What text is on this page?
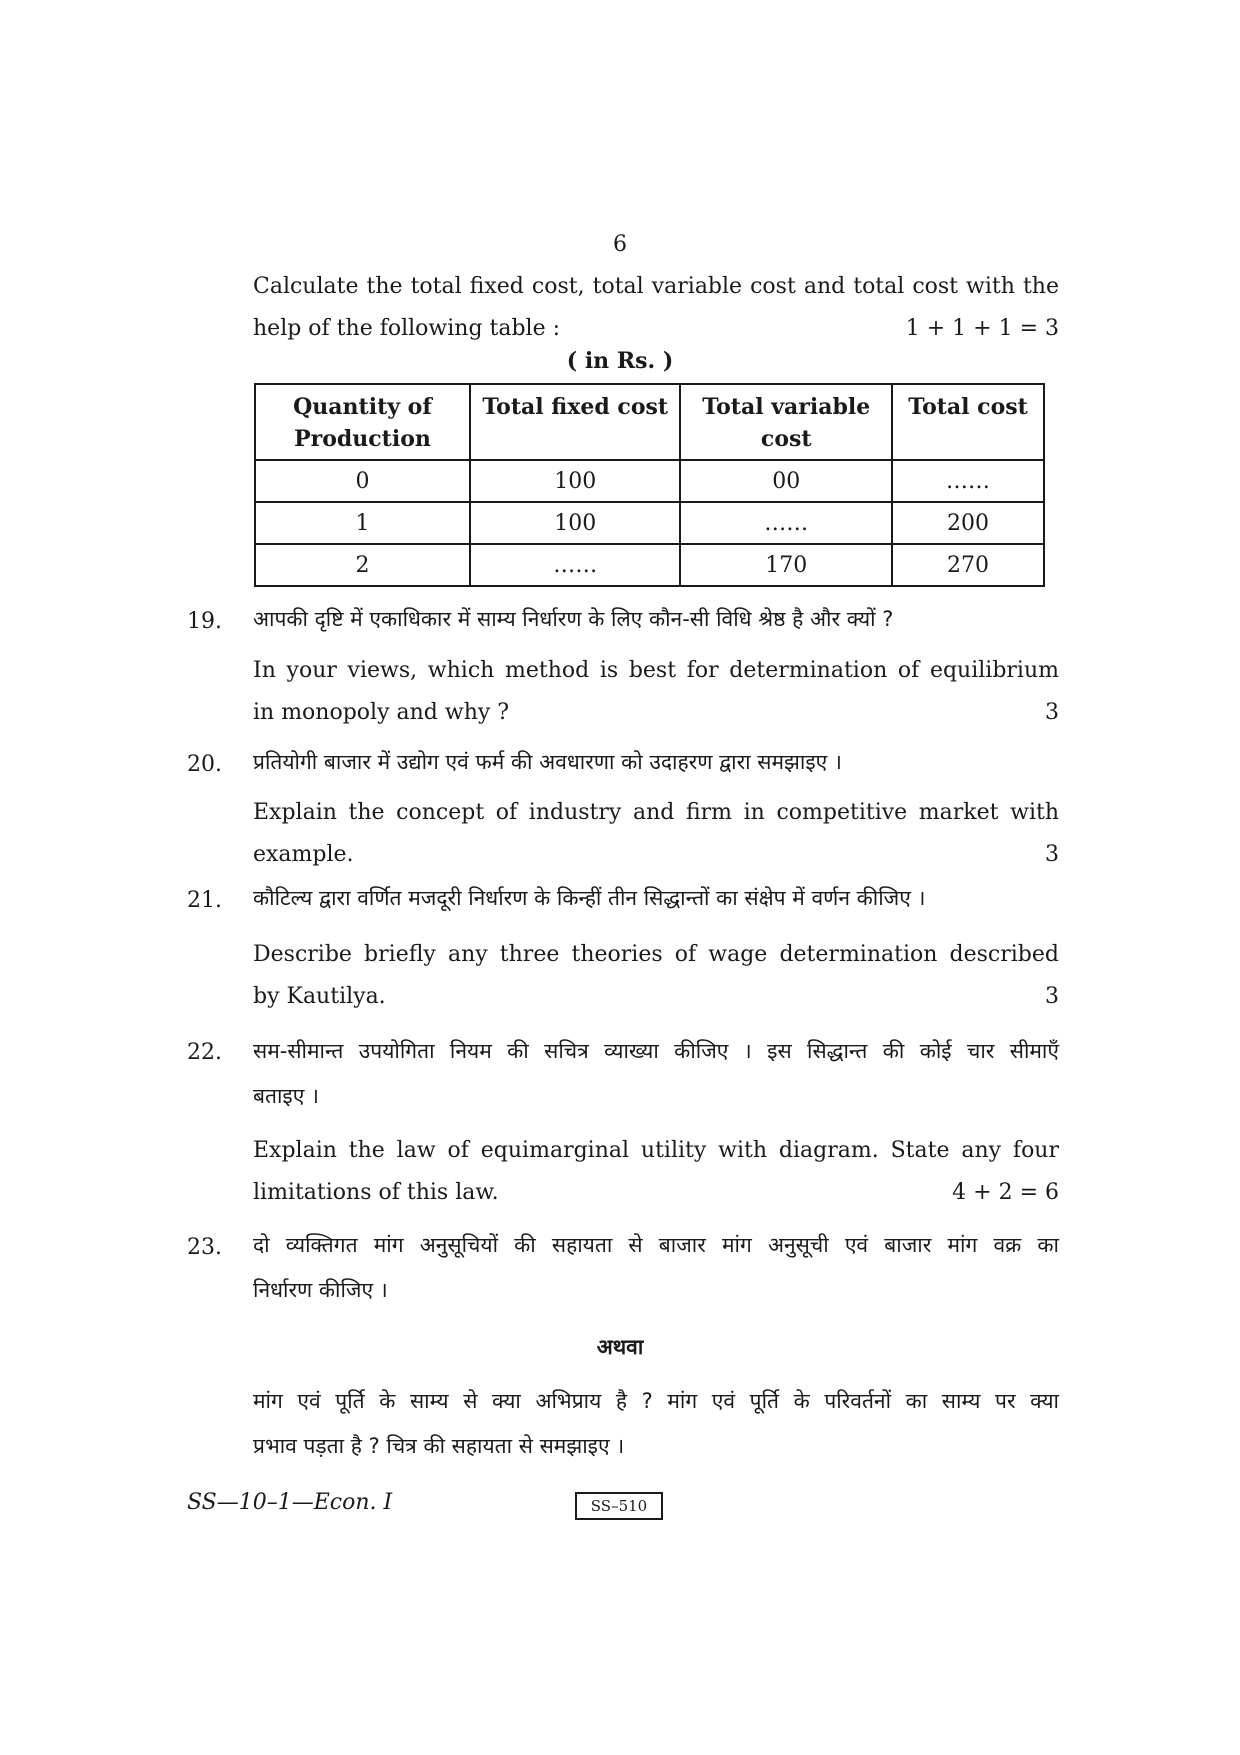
6
Calculate the total fixed cost, total variable cost and total cost with the
help of the following table :	1 + 1 + 1 = 3
( in Rs. )
Quantity of Production	Total fixed cost	Total variable cost	Total cost
0	100	00	……
1	100	……	200
2	……	170	270
19. आपकी दृष्टि में एकाधिकार में साम्य निर्धारण के लिए कौन-सी विधि श्रेष्ठ है और क्यों ?
In your views, which method is best for determination of equilibrium
in monopoly and why ?	3
20. प्रतियोगी बाजार में उद्योग एवं फर्म की अवधारणा को उदाहरण द्वारा समझाइए ।
Explain the concept of industry and firm in competitive market with
example.	3
21. कौटिल्य द्वारा वर्णित मजदूरी निर्धारण के किन्हीं तीन सिद्धान्तों का संक्षेप में वर्णन कीजिए ।
Describe briefly any three theories of wage determination described
by Kautilya.	3
22. सम-सीमान्त उपयोगिता नियम की सचित्र व्याख्या कीजिए । इस सिद्धान्त की कोई चार सीमाएँ
बताइए ।
Explain the law of equimarginal utility with diagram. State any four
limitations of this law.	4 + 2 = 6
23. दो व्यक्तिगत मांग अनुसूचियों की सहायता से बाजार मांग अनुसूची एवं बाजार मांग वक्र का
निर्धारण कीजिए ।
अथवा
मांग एवं पूर्ति के साम्य से क्या अभिप्राय है ? मांग एवं पूर्ति के परिवर्तनों का साम्य पर क्या
प्रभाव पड़ता है ? चित्र की सहायता से समझाइए ।
SS—10–1—Econ. I	SS–510
